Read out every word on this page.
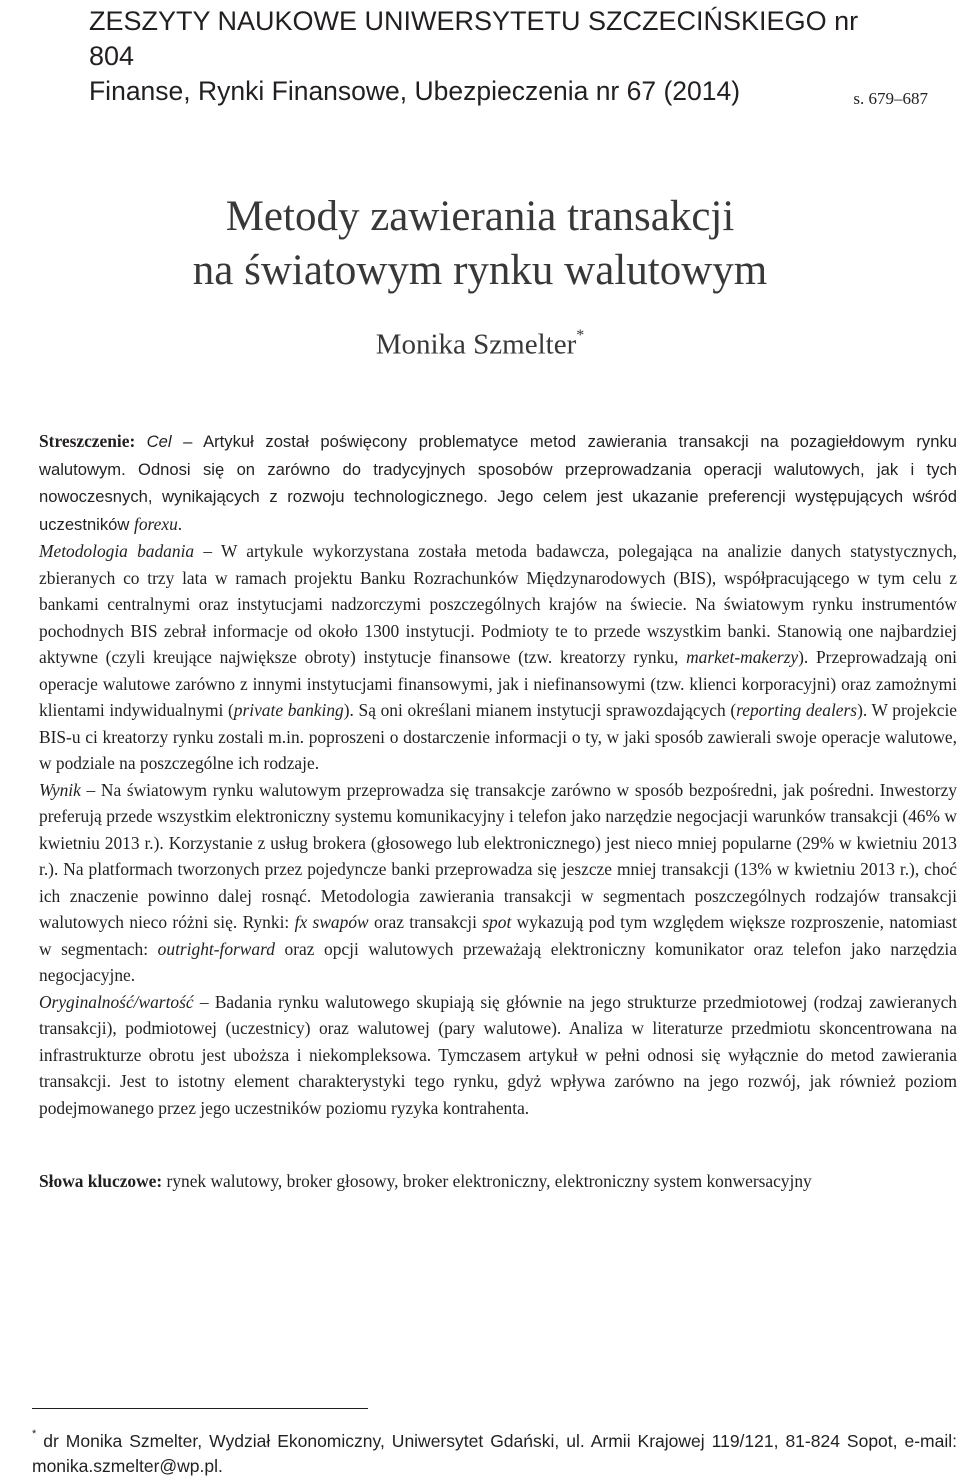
ZESZYTY NAUKOWE UNIWERSYTETU SZCZECIŃSKIEGO nr 804
Finanse, Rynki Finansowe, Ubezpieczenia nr 67 (2014)	s. 679–687
Metody zawierania transakcji
na światowym rynku walutowym
Monika Szmelter*

Streszczenie: Cel – Artykuł został poświęcony problematyce metod zawierania transakcji na pozagiełdowym rynku walutowym. Odnosi się on zarówno do tradycyjnych sposobów przeprowadzania operacji walutowych, jak i tych nowoczesnych, wynikających z rozwoju technologicznego. Jego celem jest ukazanie preferencji występujących wśród uczestników forexu.

Metodologia badania – W artykule wykorzystana została metoda badawcza, polegająca na analizie danych statystycznych, zbieranych co trzy lata w ramach projektu Banku Rozrachunków Międzynarodowych (BIS), współpracującego w tym celu z bankami centralnymi oraz instytucjami nadzorczymi poszczególnych krajów na świecie. Na światowym rynku instrumentów pochodnych BIS zebrał informacje od około 1300 instytucji. Podmioty te to przede wszystkim banki. Stanowią one najbardziej aktywne (czyli kreujące największe obroty) instytucje finansowe (tzw. kreatorzy rynku, market-makerzy). Przeprowadzają oni operacje walutowe zarówno z innymi instytucjami finansowymi, jak i niefinansowymi (tzw. klienci korporacyjni) oraz zamożnymi klientami indywidualnymi (private banking). Są oni określani mianem instytucji sprawozdających (reporting dealers). W projekcie BIS-u ci kreatorzy rynku zostali m.in. poproszeni o dostarczenie informacji o ty, w jaki sposób zawierali swoje operacje walutowe, w podziale na poszczególne ich rodzaje.

Wynik – Na światowym rynku walutowym przeprowadza się transakcje zarówno w sposób bezpośredni, jak pośredni. Inwestorzy preferują przede wszystkim elektroniczny systemu komunikacyjny i telefon jako narzędzie negocjacji warunków transakcji (46% w kwietniu 2013 r.). Korzystanie z usług brokera (głosowego lub elektronicznego) jest nieco mniej popularne (29% w kwietniu 2013 r.). Na platformach tworzonych przez pojedyncze banki przeprowadza się jeszcze mniej transakcji (13% w kwietniu 2013 r.), choć ich znaczenie powinno dalej rosnąć. Metodologia zawierania transakcji w segmentach poszczególnych rodzajów transakcji walutowych nieco różni się. Rynki: fx swapów oraz transakcji spot wykazują pod tym względem większe rozproszenie, natomiast w segmentach: outright-forward oraz opcji walutowych przeważają elektroniczny komunikator oraz telefon jako narzędzia negocjacyjne.

Oryginalność/wartość – Badania rynku walutowego skupiają się głównie na jego strukturze przedmiotowej (rodzaj zawieranych transakcji), podmiotowej (uczestnicy) oraz walutowej (pary walutowe). Analiza w literaturze przedmiotu skoncentrowana na infrastrukturze obrotu jest uboższa i niekompleksowa. Tymczasem artykuł w pełni odnosi się wyłącznie do metod zawierania transakcji. Jest to istotny element charakterystyki tego rynku, gdyż wpływa zarówno na jego rozwój, jak również poziom podejmowanego przez jego uczestników poziomu ryzyka kontrahenta.

Słowa kluczowe: rynek walutowy, broker głosowy, broker elektroniczny, elektroniczny system konwersacyjny
* dr Monika Szmelter, Wydział Ekonomiczny, Uniwersytet Gdański, ul. Armii Krajowej 119/121, 81-824 Sopot, e-mail: monika.szmelter@wp.pl.
